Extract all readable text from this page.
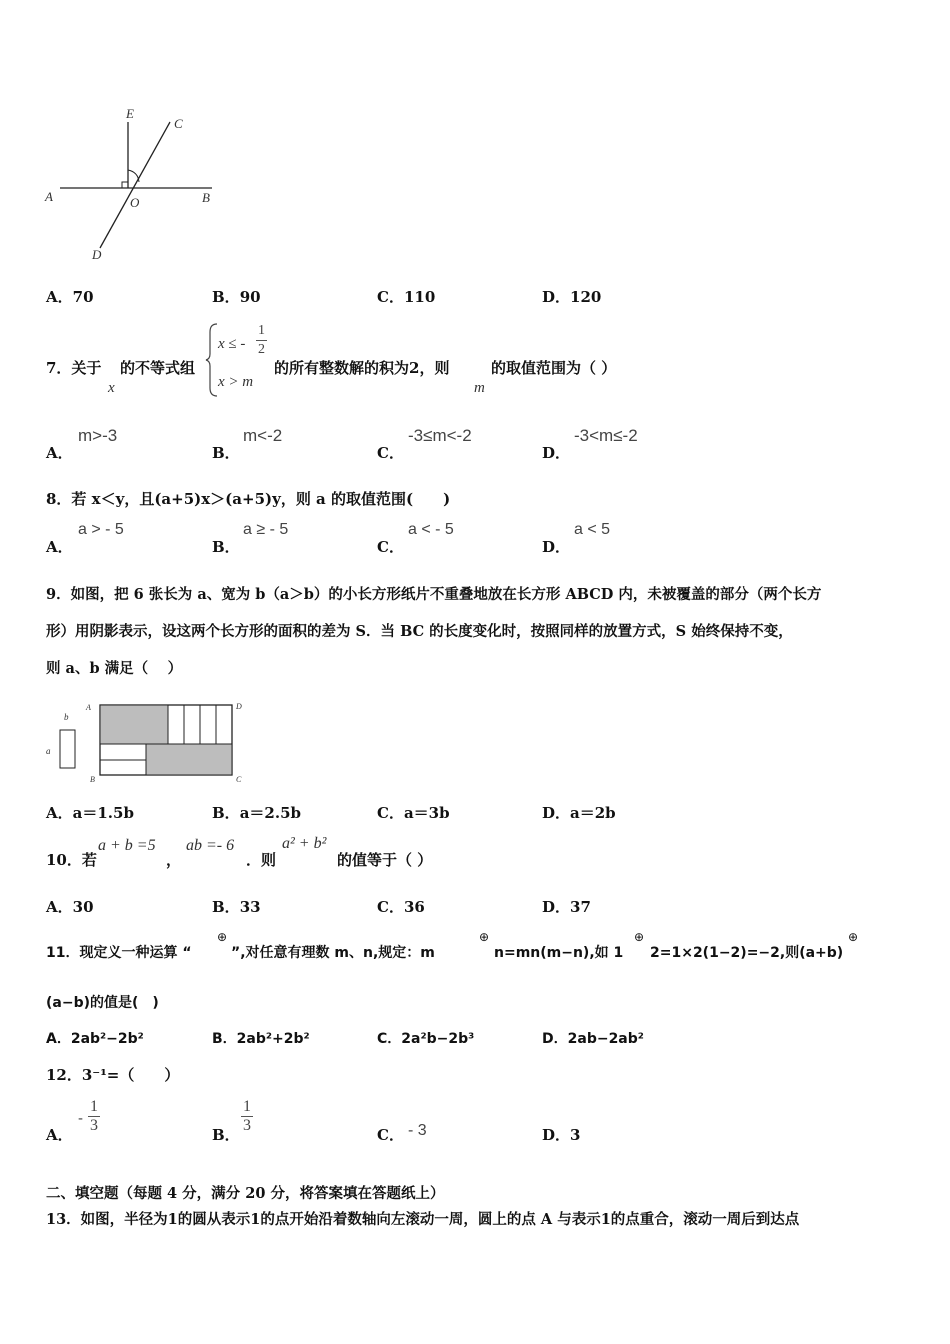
E
C
A	O	B
D
A．70	B．90	C．110	D．120
7．关于
x
的不等式组
x ≤ - $\frac{1}{2}$
x > m
的所有整数解的积为2，则
m
的取值范围为（ ）
A．
m>-3
B．
m<-2
C．
-3≤m<-2
D．
-3<m≤-2
8．若 x＜y，且(a+5)x＞(a+5)y，则 a 的取值范围(　　)
A．
a > - 5
B．
a ≥ - 5
C．
a < - 5
D．
a < 5
9．如图，把 6 张长为 a、宽为 b（a＞b）的小长方形纸片不重叠地放在长方形 ABCD 内，未被覆盖的部分（两个长方
形）用阴影表示，设这两个长方形的面积的差为 S．当 BC 的长度变化时，按照同样的放置方式，S 始终保持不变，
则 a、b 满足（　 ）
b
a
A	D
B	C
A．a＝1.5b	B．a＝2.5b	C．a＝3b	D．a＝2b
10．若
a + b =5
，
ab =- 6
．则
a² + b²
的值等于（ ）
A．30	B．33	C．36	D．37
11．现定义一种运算 “
⊕
”,对任意有理数 m、n,规定：m
⊕
n=mn(m−n),如 1
⊕
2=1×2(1−2)=−2,则(a+b)
⊕
(a−b)的值是(　)
A．2ab²−2b²	B．2ab²+2b²	C．2a²b−2b³	D．2ab−2ab²
12．3⁻¹=（　　）
A．
- $\frac{1}{3}$	B． $\frac{1}{3}$	C． - 3	D．3
二、填空题（每题 4 分，满分 20 分，将答案填在答题纸上）
13．如图，半径为1的圆从表示1的点开始沿着数轴向左滚动一周，圆上的点 A 与表示1的点重合，滚动一周后到达点
